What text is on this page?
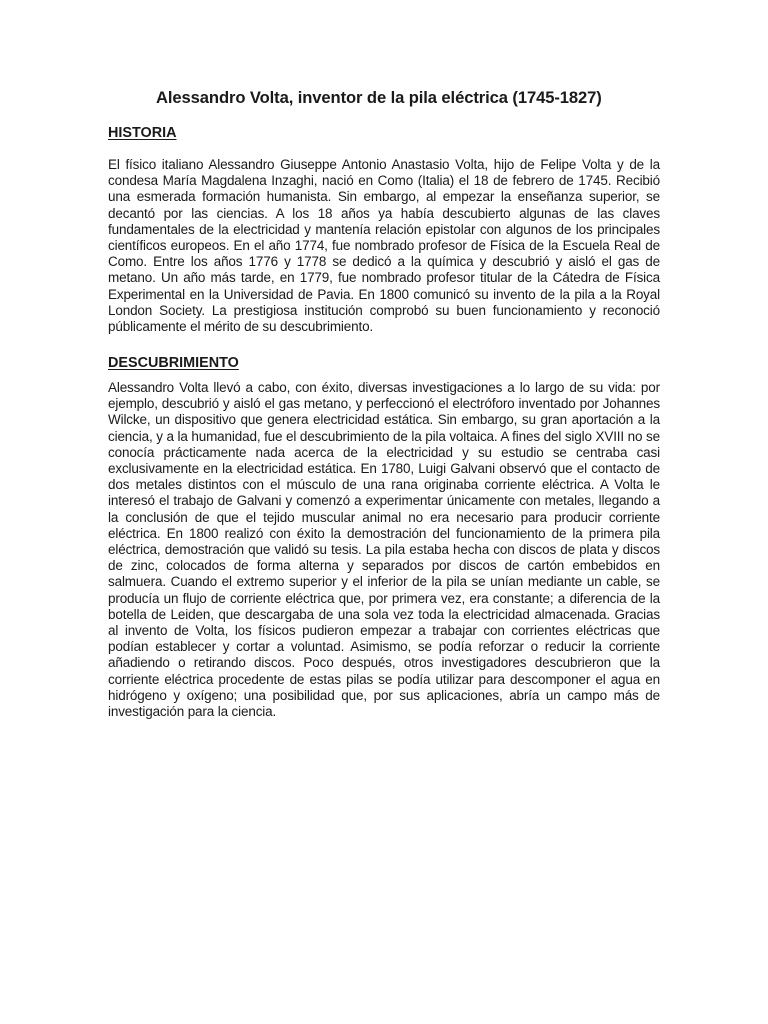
Alessandro Volta, inventor de la pila eléctrica (1745-1827)
HISTORIA

El físico italiano Alessandro Giuseppe Antonio Anastasio Volta, hijo de Felipe Volta y de la condesa María Magdalena Inzaghi, nació en Como (Italia) el 18 de febrero de 1745. Recibió una esmerada formación humanista. Sin embargo, al empezar la enseñanza superior, se decantó por las ciencias. A los 18 años ya había descubierto algunas de las claves fundamentales de la electricidad y mantenía relación epistolar con algunos de los principales científicos europeos. En el año 1774, fue nombrado profesor de Física de la Escuela Real de Como. Entre los años 1776 y 1778 se dedicó a la química y descubrió y aisló el gas de metano. Un año más tarde, en 1779, fue nombrado profesor titular de la Cátedra de Física Experimental en la Universidad de Pavia. En 1800 comunicó su invento de la pila a la Royal London Society. La prestigiosa institución comprobó su buen funcionamiento y reconoció públicamente el mérito de su descubrimiento.

DESCUBRIMIENTO

Alessandro Volta llevó a cabo, con éxito, diversas investigaciones a lo largo de su vida: por ejemplo, descubrió y aisló el gas metano, y perfeccionó el electróforo inventado por Johannes Wilcke, un dispositivo que genera electricidad estática. Sin embargo, su gran aportación a la ciencia, y a la humanidad, fue el descubrimiento de la pila voltaica. A fines del siglo XVIII no se conocía prácticamente nada acerca de la electricidad y su estudio se centraba casi exclusivamente en la electricidad estática. En 1780, Luigi Galvani observó que el contacto de dos metales distintos con el músculo de una rana originaba corriente eléctrica. A Volta le interesó el trabajo de Galvani y comenzó a experimentar únicamente con metales, llegando a la conclusión de que el tejido muscular animal no era necesario para producir corriente eléctrica. En 1800 realizó con éxito la demostración del funcionamiento de la primera pila eléctrica, demostración que validó su tesis. La pila estaba hecha con discos de plata y discos de zinc, colocados de forma alterna y separados por discos de cartón embebidos en salmuera. Cuando el extremo superior y el inferior de la pila se unían mediante un cable, se producía un flujo de corriente eléctrica que, por primera vez, era constante; a diferencia de la botella de Leiden, que descargaba de una sola vez toda la electricidad almacenada. Gracias al invento de Volta, los físicos pudieron empezar a trabajar con corrientes eléctricas que podían establecer y cortar a voluntad. Asimismo, se podía reforzar o reducir la corriente añadiendo o retirando discos. Poco después, otros investigadores descubrieron que la corriente eléctrica procedente de estas pilas se podía utilizar para descomponer el agua en hidrógeno y oxígeno; una posibilidad que, por sus aplicaciones, abría un campo más de investigación para la ciencia.
